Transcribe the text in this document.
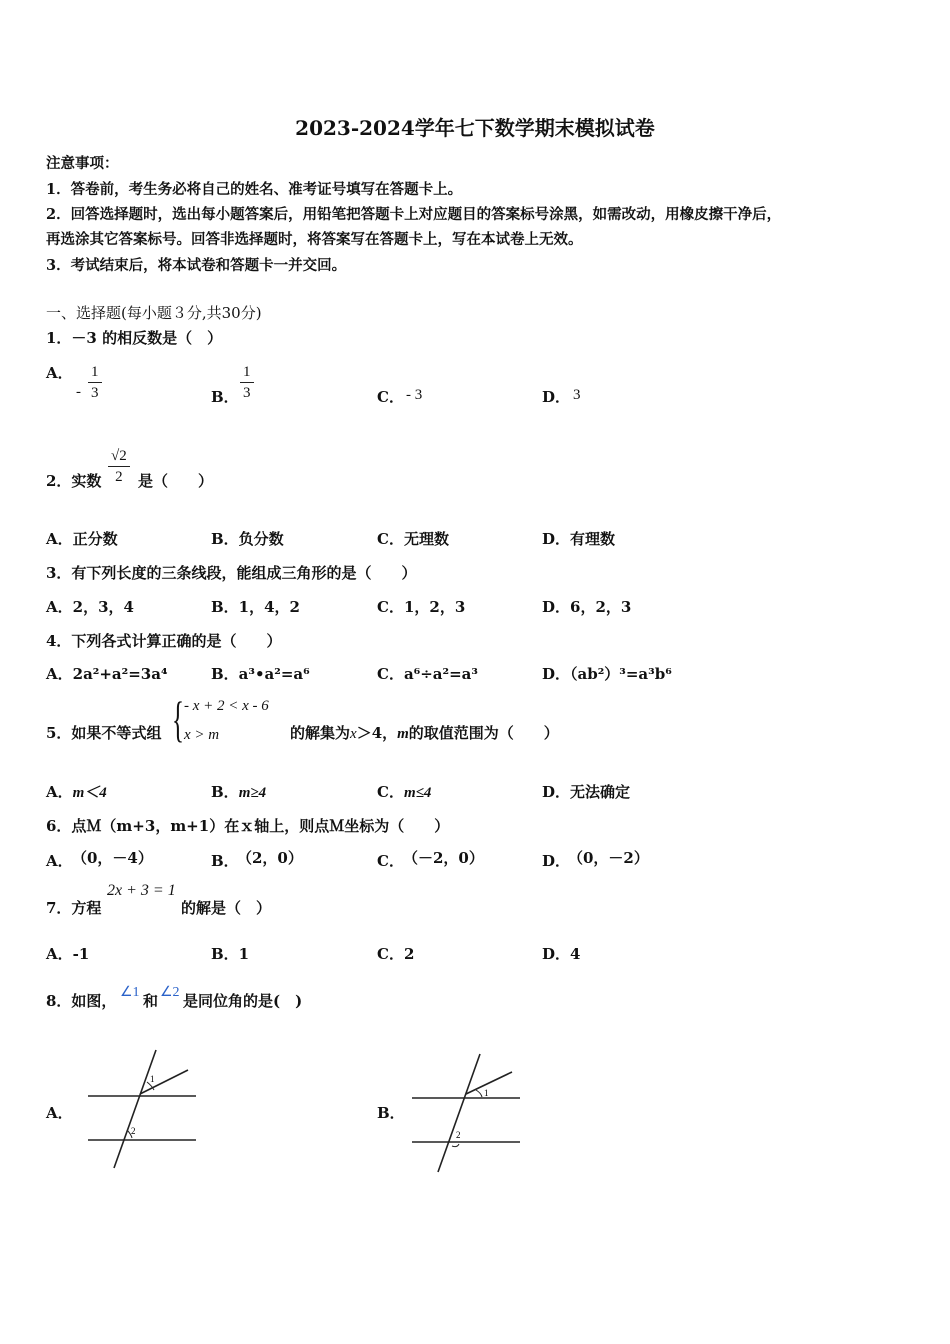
2023-2024学年七下数学期末模拟试卷
注意事项：
1．答卷前，考生务必将自己的姓名、准考证号填写在答题卡上。
2．回答选择题时，选出每小题答案后，用铅笔把答题卡上对应题目的答案标号涂黑，如需改动，用橡皮擦干净后，
再选涂其它答案标号。回答非选择题时，将答案写在答题卡上，写在本试卷上无效。
3．考试结束后，将本试卷和答题卡一并交回。
一、选择题(每小题３分,共30分)
1．－3 的相反数是（　）
A．
- $\frac{1}{3}$	B． $\frac{1}{3}$	C． - 3	D． 3
2．实数 $\frac{√2}{2}$ 是（　　）
A．正分数	B．负分数	C．无理数	D．有理数
3．有下列长度的三条线段，能组成三角形的是（　　）
A．2，3，4	B．1，4，2	C．1，2，3	D．6，2，3
4．下列各式计算正确的是（　　）
A．2a²+a²=3a⁴	B．a³•a²=a⁶	C．a⁶÷a²=a³	D．（ab²）³=a³b⁶
5．如果不等式组 { - x + 2 < x - 6
x > m	的解集为x＞4，m的取值范围为（　　）
A．m＜4	B．m≥4	C．m≤4	D．无法确定
6．点Ｍ（m+3，m+1）在ｘ轴上，则点Ｍ坐标为（　　）
A． （0，－4）	B．
（2，0）	C． （－2，0）	D．
（0，－2）
7．方程
2x + 3 = 1
的解是（　）
A．-1	B．1	C．2	D．4
8．如图， ∠1 和 ∠2 是同位角的是(　)
A．
1
2
B．
1
2
